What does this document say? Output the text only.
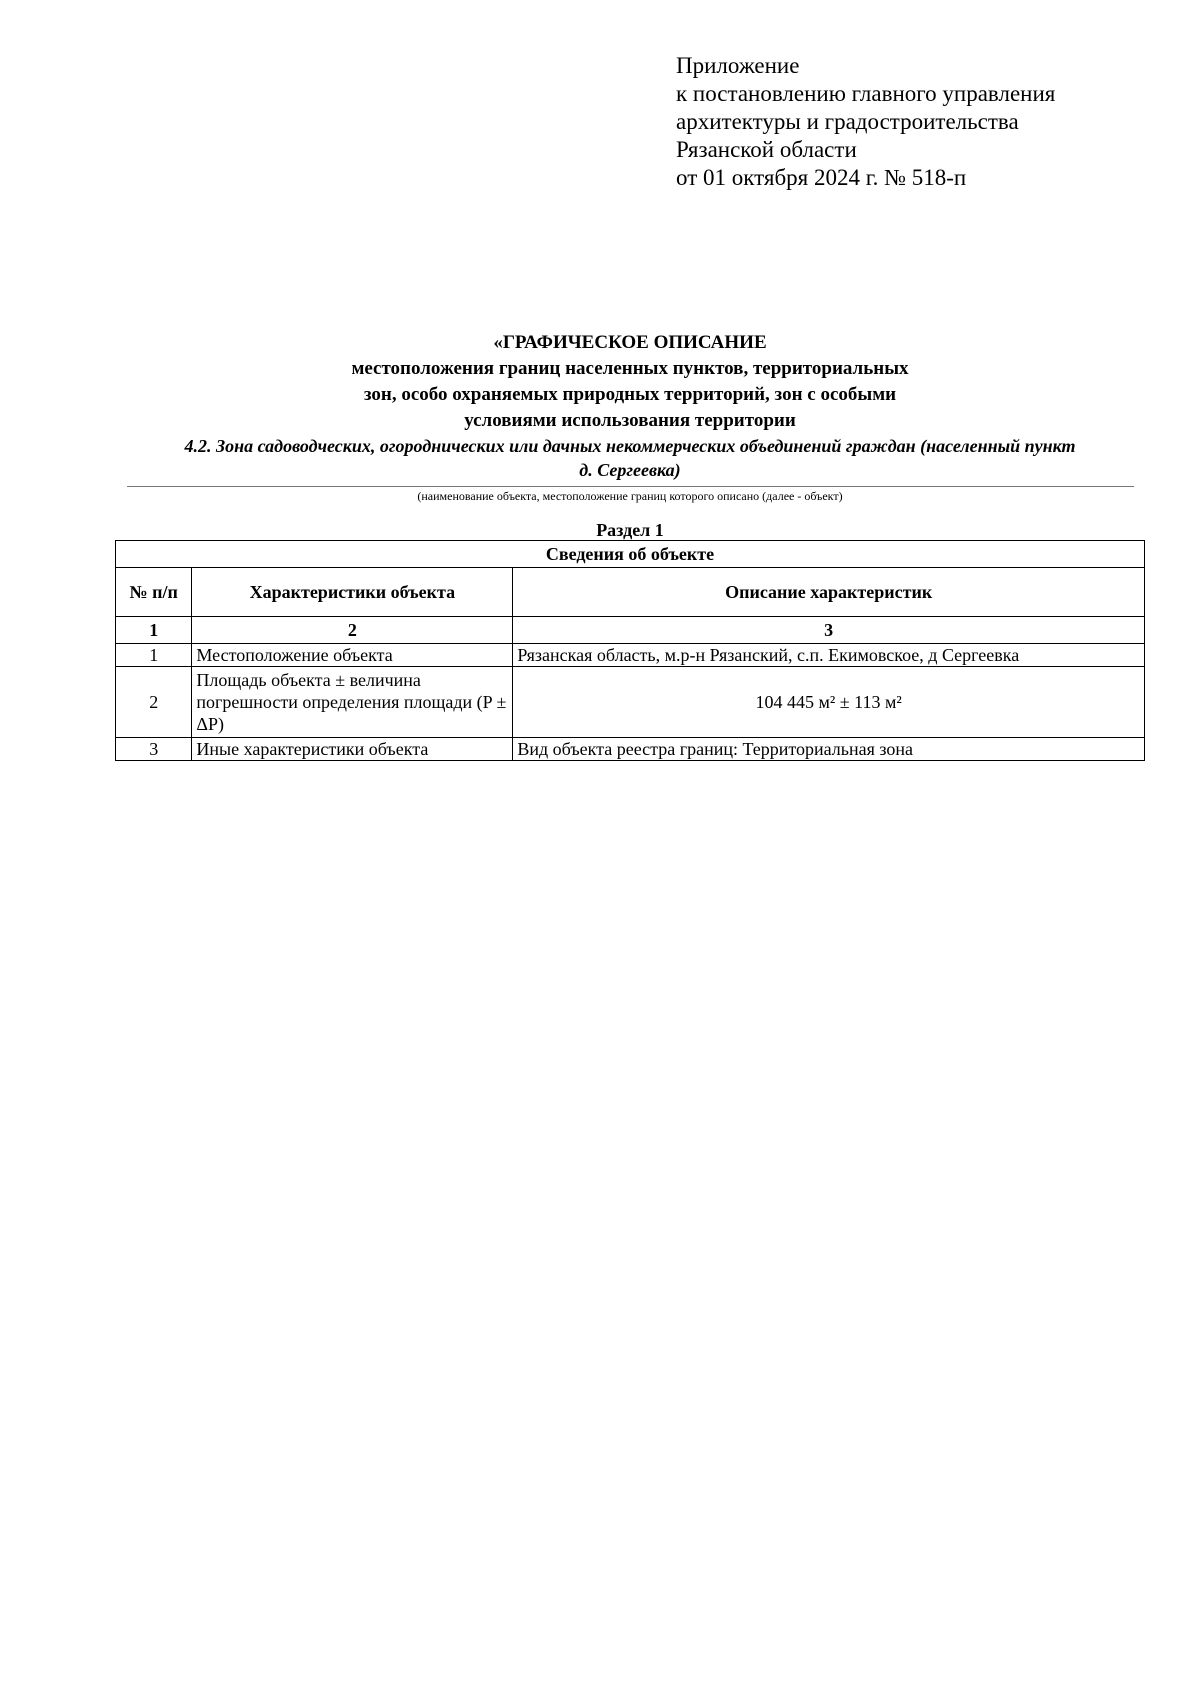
Приложение
к постановлению главного управления
архитектуры и градостроительства
Рязанской области
от 01 октября 2024 г. № 518-п
«ГРАФИЧЕСКОЕ ОПИСАНИЕ
местоположения границ населенных пунктов, территориальных
зон, особо охраняемых природных территорий, зон с особыми
условиями использования территории
4.2. Зона садоводческих, огороднических или дачных некоммерческих объединений граждан (населенный пункт
д. Сергеевка)
(наименование объекта, местоположение границ которого описано (далее - объект)
Раздел 1
Сведения об объекте		
№ п/п	Характеристики объекта	Описание характеристик
1	2	3
1	Местоположение объекта	Рязанская область, м.р-н Рязанский, с.п. Екимовское, д Сергеевка
2	Площадь объекта ± величина погрешности определения площади (P ± ΔP)	104 445 м² ± 113 м²
3	Иные характеристики объекта	Вид объекта реестра границ: Территориальная зона
